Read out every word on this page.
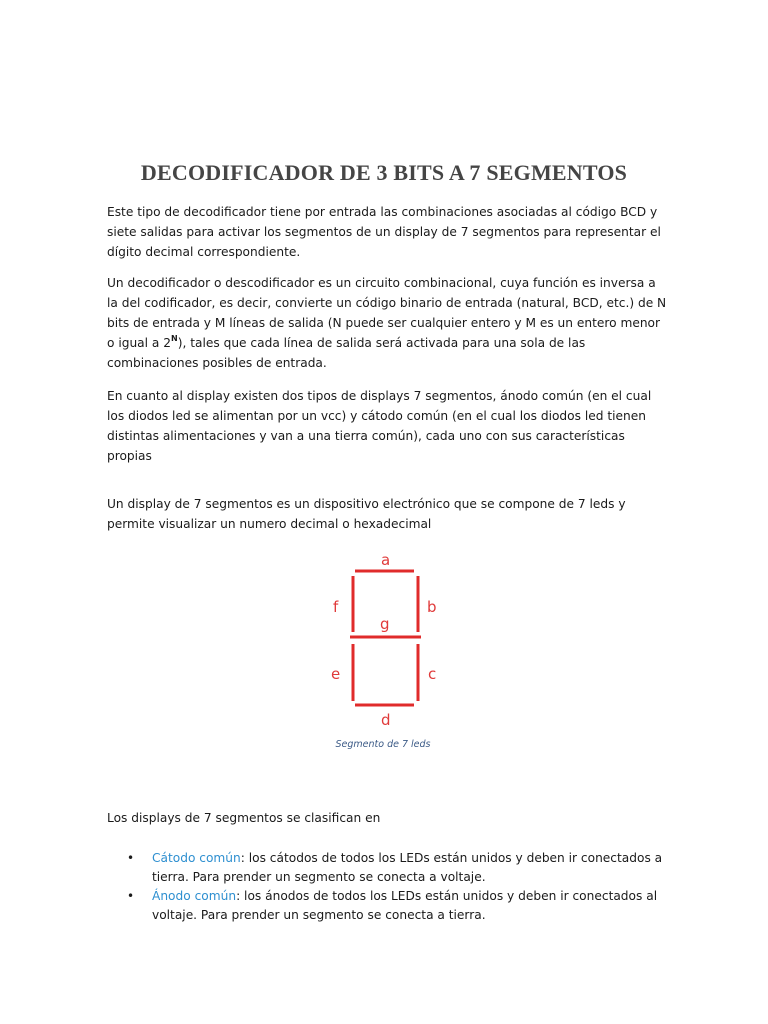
DECODIFICADOR DE 3 BITS A 7 SEGMENTOS

Este tipo de decodificador tiene por entrada las combinaciones asociadas al código BCD y siete salidas para activar los segmentos de un display de 7 segmentos para representar el dígito decimal correspondiente.

Un decodificador o descodificador es un circuito combinacional, cuya función es inversa a la del codificador, es decir, convierte un código binario de entrada (natural, BCD, etc.) de N bits de entrada y M líneas de salida (N puede ser cualquier entero y M es un entero menor o igual a $2^N$), tales que cada línea de salida será activada para una sola de las combinaciones posibles de entrada.

En cuanto al display existen dos tipos de displays 7 segmentos, ánodo común (en el cual los diodos led se alimentan por un vcc) y cátodo común (en el cual los diodos led tienen distintas alimentaciones y van a una tierra común), cada uno con sus características propias

Un display de 7 segmentos es un dispositivo electrónico que se compone de 7 leds y permite visualizar un numero decimal o hexadecimal

a
b
c
d
e
f
g
Segmento de 7 leds

Los displays de 7 segmentos se clasifican en

• Cátodo común: los cátodos de todos los LEDs están unidos y deben ir conectados a tierra. Para prender un segmento se conecta a voltaje.
• Ánodo común: los ánodos de todos los LEDs están unidos y deben ir conectados al voltaje. Para prender un segmento se conecta a tierra.
